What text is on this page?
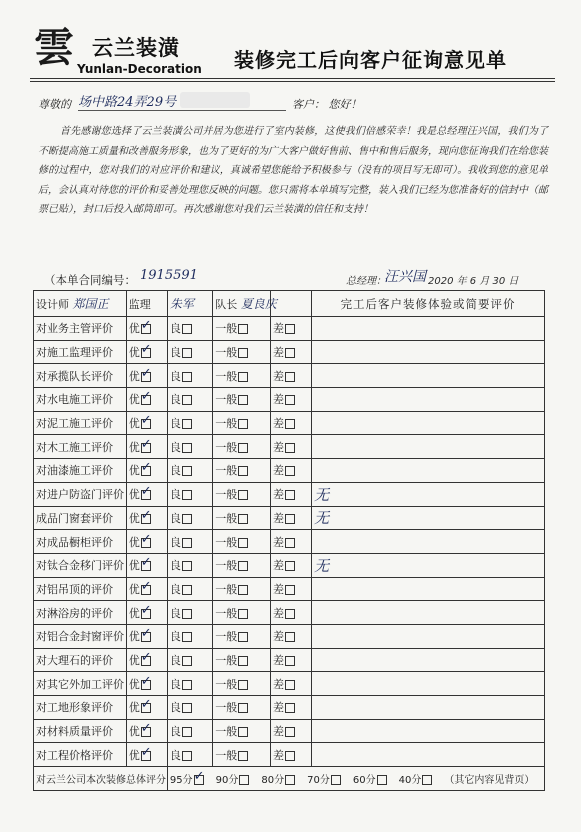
雲 云兰装潢
Yunlan-Decoration 装修完工后向客户征询意见单
尊敬的 场中路24弄29号	客户： 您好！

首先感谢您选择了云兰装潢公司并居为您进行了室内装修，这使我们倍感荣幸！我是总经理汪兴国，我们为了不断提高施工质量和改善服务形象，也为了更好的为广大客户做好售前、售中和售后服务，现向您征询我们在给您装修的过程中，您对我们的对应评价和建议，真诚希望您能给予积极参与（没有的项目写无即可）。我收到您的意见单后，会认真对待您的评价和妥善处理您反映的问题。您只需将本单填写完整，装入我们已经为您准备好的信封中（邮票已贴），封口后投入邮筒即可。再次感谢您对我们云兰装潢的信任和支持！

（本单合同编号： 1915591	总经理：
汪兴国 2020 年 6 月 30 日
设计师 郑国正	监理	朱军	队长 夏良庆		完工后客户装修体验或简要评价
对业务主管评价	优 ✓	良	一般	差	
对施工监理评价	优 ✓	良	一般	差	
对承揽队长评价	优 ✓	良	一般	差	
对水电施工评价	优 ✓	良	一般	差	
对泥工施工评价	优 ✓	良	一般	差	
对木工施工评价	优 ✓	良	一般	差	
对油漆施工评价	优 ✓	良	一般	差	
对进户防盗门评价	优 ✓	良	一般	差	无
成品门窗套评价	优 ✓	良	一般	差	无
对成品橱柜评价	优 ✓	良	一般	差	
对钛合金移门评价	优 ✓	良	一般	差	无
对铝吊顶的评价	优 ✓	良	一般	差	
对淋浴房的评价	优 ✓	良	一般	差	
对铝合金封窗评价	优 ✓	良	一般	差	
对大理石的评价	优 ✓	良	一般	差	
对其它外加工评价	优 ✓	良	一般	差	
对工地形象评价	优 ✓	良	一般	差	
对材料质量评价	优 ✓	良	一般	差	
对工程价格评价	优 ✓	良	一般	差	
对云兰公司本次装修总体评分		95分 ✓ 90分 80分 70分 60分 40分 （其它内容见背页）			
